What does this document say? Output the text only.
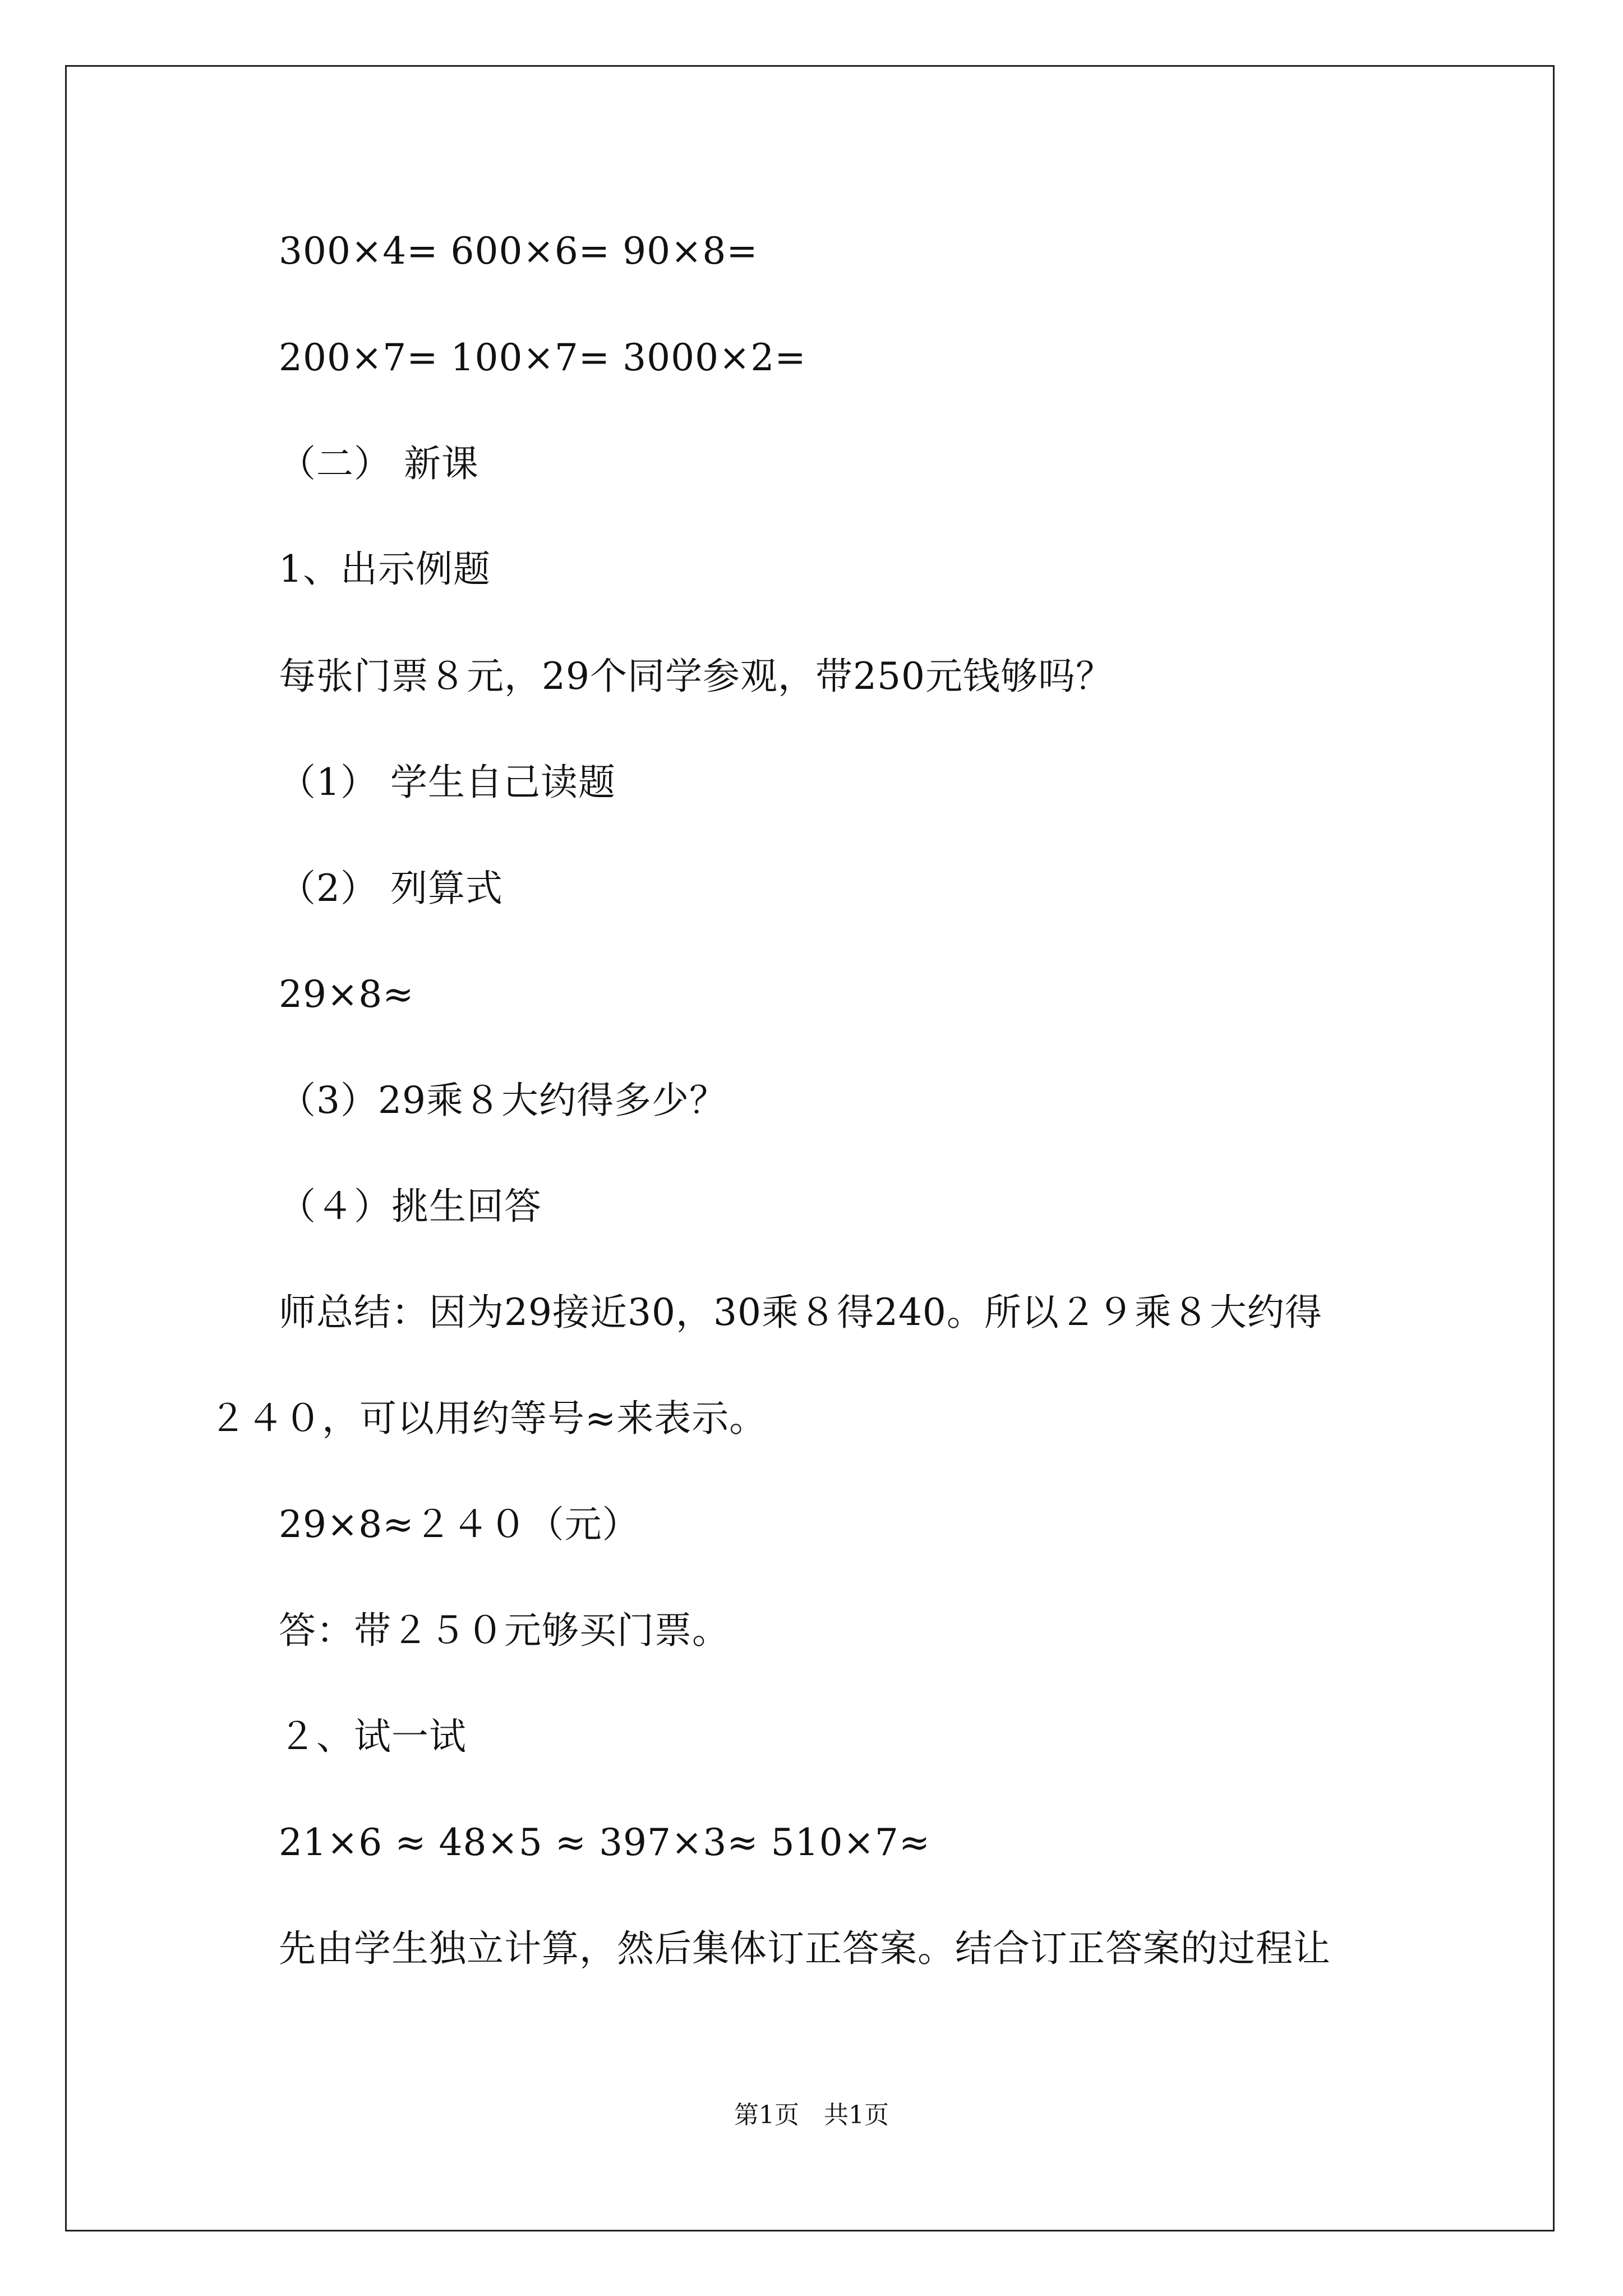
300×4= 600×6= 90×8=
200×7= 100×7= 3000×2=
（二） 新课
1、出示例题
每张门票８元，29个同学参观，带250元钱够吗？
（1） 学生自己读题
（2） 列算式
29×8≈
（3）29乘８大约得多少？
（４）挑生回答
师总结：因为29接近30，30乘８得240。所以２９乘８大约得
２４０，可以用约等号≈来表示。
29×8≈２４０（元）
答：带２５０元够买门票。
２、试一试
21×6 ≈ 48×5 ≈ 397×3≈ 510×7≈
先由学生独立计算，然后集体订正答案。结合订正答案的过程让
第1页　共1页
